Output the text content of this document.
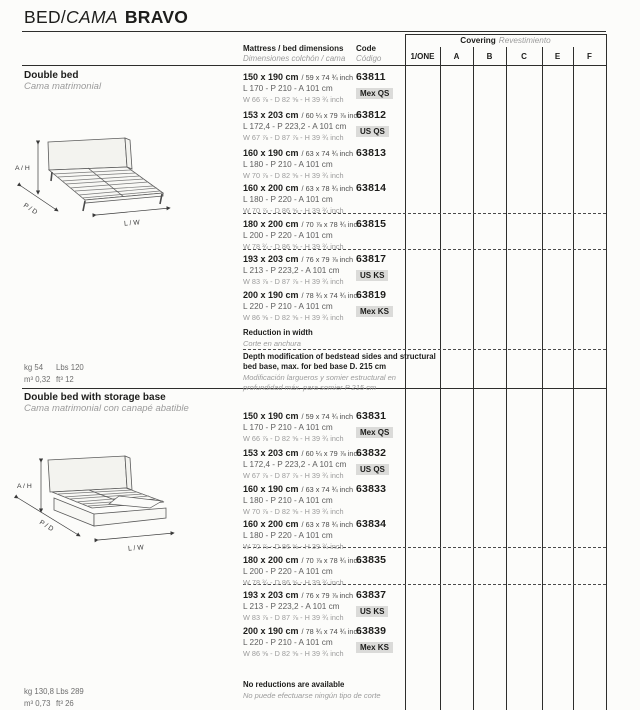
BED/CAMA BRAVO
Mattress / bed dimensions
Dimensiones colchón / cama
Code
Código
Covering Revestimiento
1/ONE	A	B	C	E	F
Double bed
Cama matrimonial
150 x 190 cm / 59 x 74 ¾ inch
L 170 - P 210 - A 101 cm
W 66 ⅞ - D 82 ⅝ - H 39 ¾ inch
63811
Mex QS
153 x 203 cm / 60 ¼ x 79 ⅞ inch
L 172,4 - P 223,2 - A 101 cm
W 67 ⅞ - D 87 ⅞ - H 39 ¾ inch
63812
US QS
160 x 190 cm / 63 x 74 ¾ inch
L 180 - P 210 - A 101 cm
W 70 ⅞ - D 82 ⅝ - H 39 ¾ inch
63813
160 x 200 cm / 63 x 78 ¾ inch
L 180 - P 220 - A 101 cm
W 70 ⅞ - D 86 ⅝ - H 39 ¾ inch
63814
180 x 200 cm / 70 ⅞ x 78 ¾ inch
L 200 - P 220 - A 101 cm
W 78 ¾ - D 86 ⅝ - H 39 ¾ inch
63815
193 x 203 cm / 76 x 79 ⅞ inch
L 213 - P 223,2 - A 101 cm
W 83 ⅞ - D 87 ⅞ - H 39 ¾ inch
63817
US KS
200 x 190 cm / 78 ¾ x 74 ¾ inch
L 220 - P 210 - A 101 cm
W 86 ⅝ - D 82 ⅝ - H 39 ¾ inch
63819
Mex KS
Reduction in width
Corte en anchura
Depth modification of bedstead sides and structural bed base, max. for bed base D. 215 cm
Modificación largueros y somier estructural en profundidad máx. para somier P 215 cm
A / H
P / D
L / W
kg 54 Lbs 120
m³ 0,32 ft³ 12
Double bed with storage base
Cama matrimonial con canapé abatible
150 x 190 cm / 59 x 74 ¾ inch
L 170 - P 210 - A 101 cm
W 66 ⅞ - D 82 ⅝ - H 39 ¾ inch
63831
Mex QS
153 x 203 cm / 60 ¼ x 79 ⅞ inch
L 172,4 - P 223,2 - A 101 cm
W 67 ⅞ - D 87 ⅞ - H 39 ¾ inch
63832
US QS
160 x 190 cm / 63 x 74 ¾ inch
L 180 - P 210 - A 101 cm
W 70 ⅞ - D 82 ⅝ - H 39 ¾ inch
63833
160 x 200 cm / 63 x 78 ¾ inch
L 180 - P 220 - A 101 cm
W 70 ⅞ - D 86 ⅝ - H 39 ¾ inch
63834
180 x 200 cm / 70 ⅞ x 78 ¾ inch
L 200 - P 220 - A 101 cm
W 78 ¾ - D 86 ⅝ - H 39 ¾ inch
63835
193 x 203 cm / 76 x 79 ⅞ inch
L 213 - P 223,2 - A 101 cm
W 83 ⅞ - D 87 ⅞ - H 39 ¾ inch
63837
US KS
200 x 190 cm / 78 ¾ x 74 ¾ inch
L 220 - P 210 - A 101 cm
W 86 ⅝ - D 82 ⅝ - H 39 ¾ inch
63839
Mex KS
No reductions are available
No puede efectuarse ningún tipo de corte
A / H
P / D
L / W
kg 130,8 Lbs 289
m³ 0,73 ft³ 26
